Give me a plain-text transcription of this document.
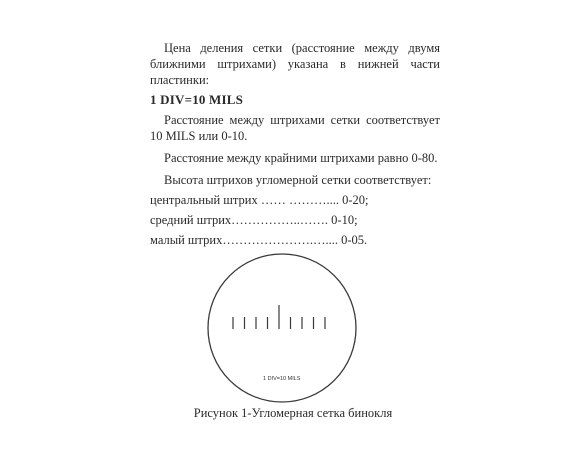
Цена деления сетки (расстояние между двумя ближними штрихами) указана в нижней части пластинки:

1 DIV=10 MILS

Расстояние между штрихами сетки соответствует 10 MILS или 0-10.

Расстояние между крайними штрихами равно 0-80.

Высота штрихов угломерной сетки соответствует:

центральный штрих …… ……….... 0-20;

средний штрих……………..……. 0-10;

малый штрих………………….….... 0-05.

1 DIV=10 MILS
Рисунок 1-Угломерная сетка бинокля
